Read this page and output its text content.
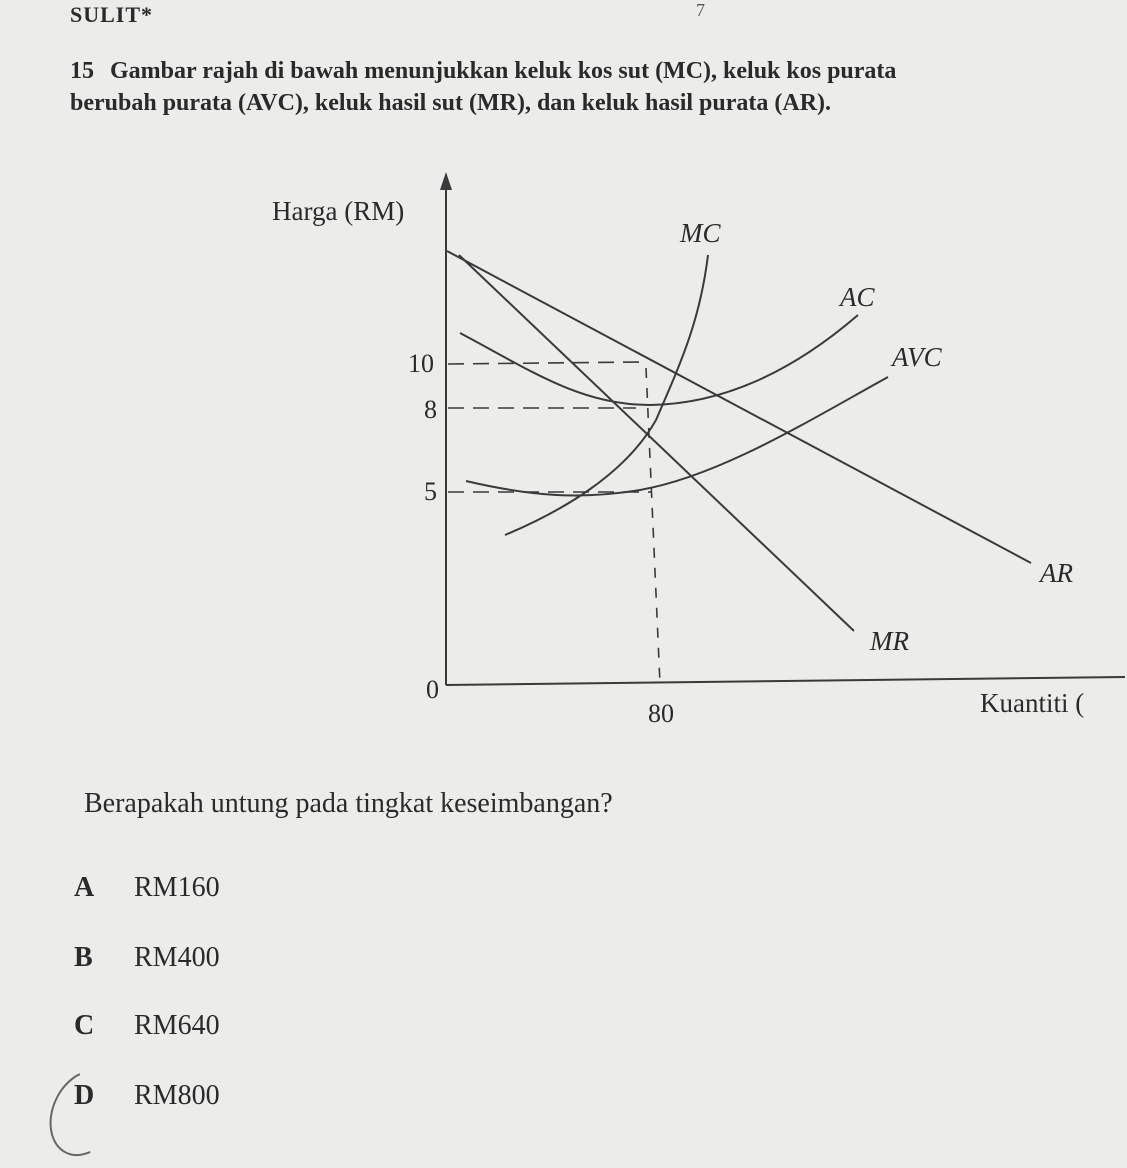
SULIT*	7
15 Gambar rajah di bawah menunjukkan keluk kos sut (MC), keluk kos purata
berubah purata (AVC), keluk hasil sut (MR), dan keluk hasil purata (AR).
Harga (RM)
Kuantiti (
0
10
8
5
80
MC
AC
AVC
AR
MR
Berapakah untung pada tingkat keseimbangan?
A RM160
B RM400
C RM640
D RM800
